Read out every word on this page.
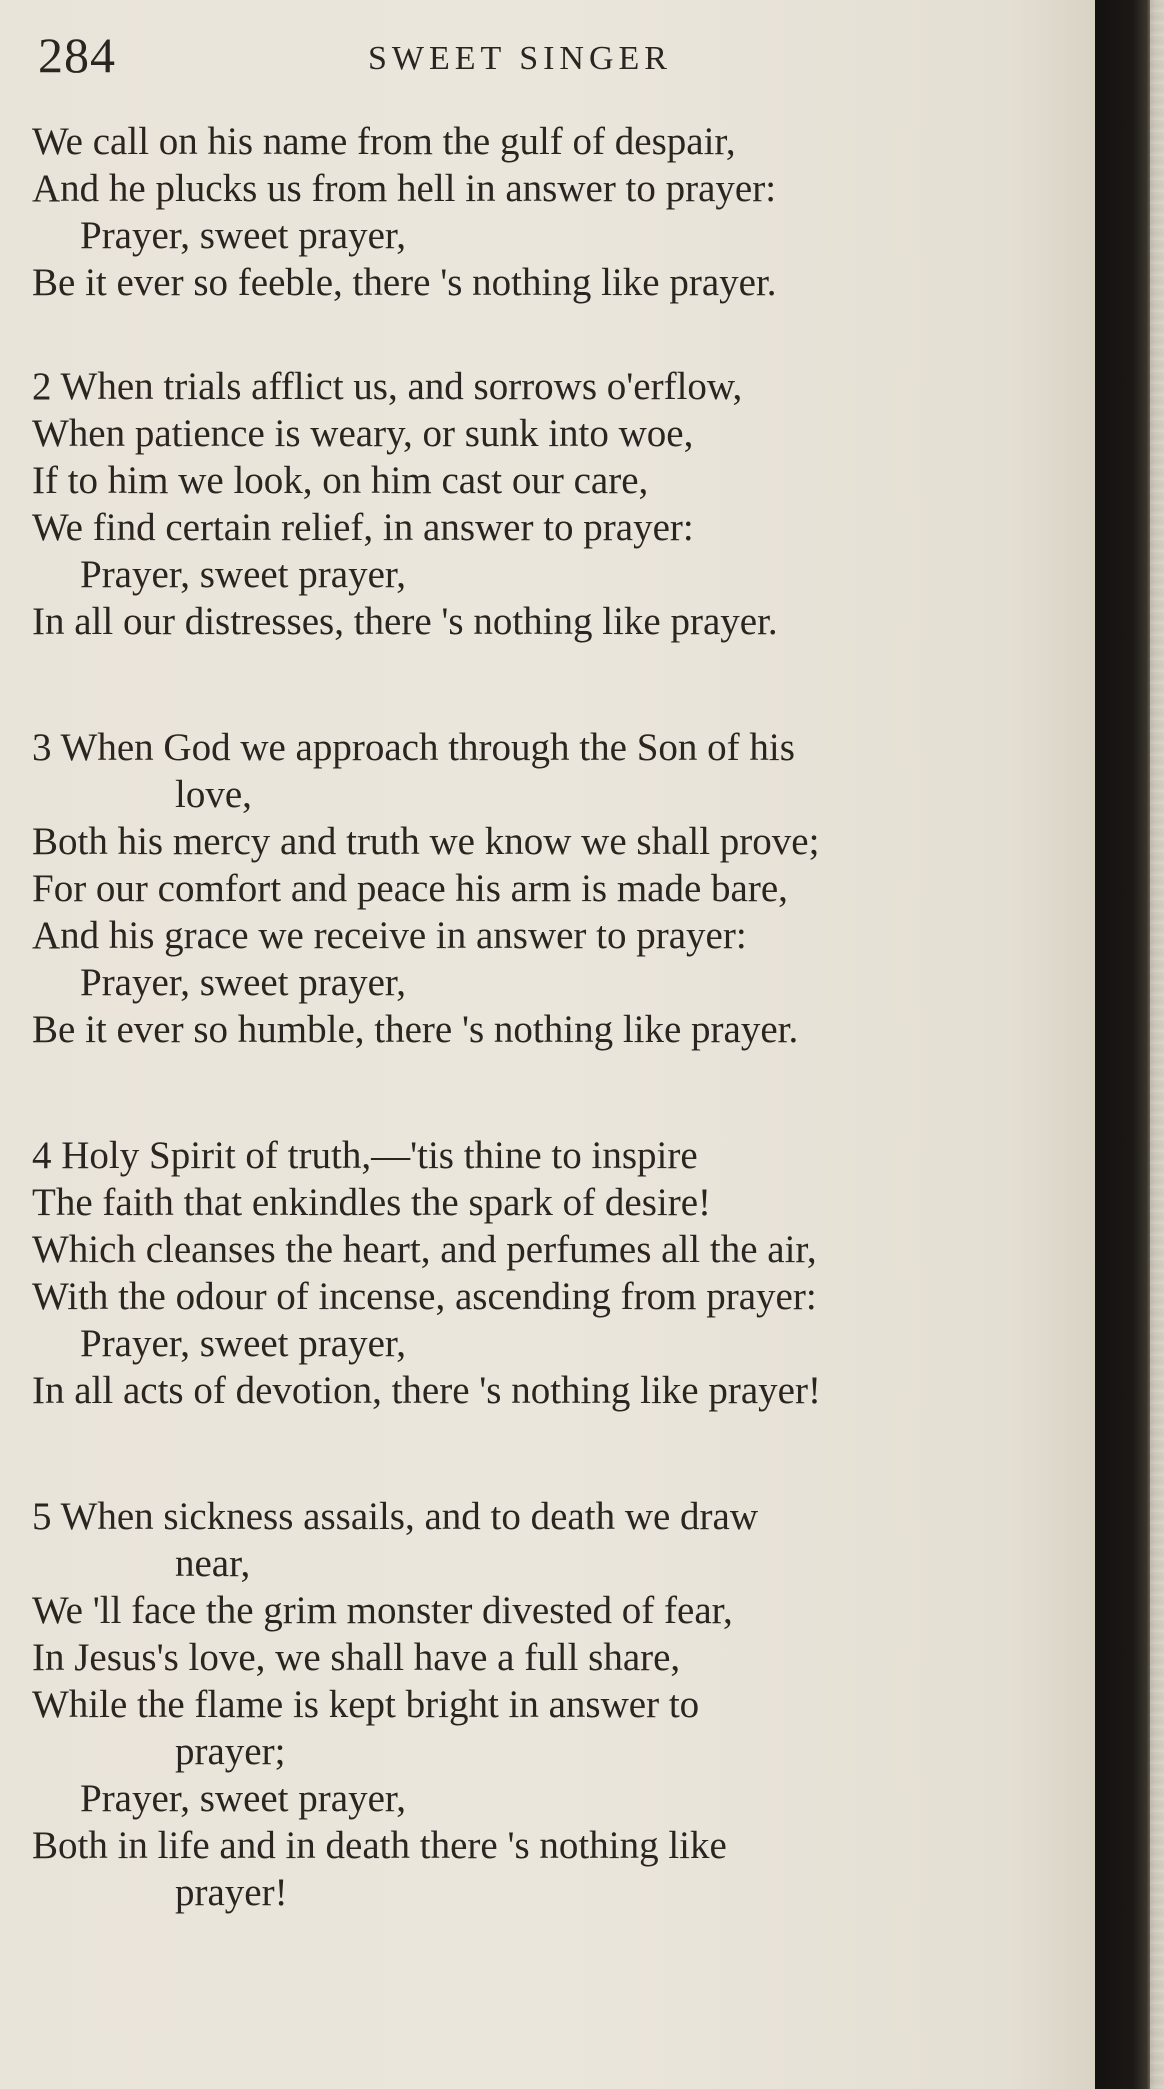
284	SWEET SINGER
We call on his name from the gulf of despair,
And he plucks us from hell in answer to prayer:
Prayer, sweet prayer,
Be it ever so feeble, there 's nothing like prayer.
2 When trials afflict us, and sorrows o'erflow,
When patience is weary, or sunk into woe,
If to him we look, on him cast our care,
We find certain relief, in answer to prayer:
Prayer, sweet prayer,
In all our distresses, there 's nothing like prayer.
3 When God we approach through the Son of his
love,
Both his mercy and truth we know we shall prove;
For our comfort and peace his arm is made bare,
And his grace we receive in answer to prayer:
Prayer, sweet prayer,
Be it ever so humble, there 's nothing like prayer.
4 Holy Spirit of truth,—'tis thine to inspire
The faith that enkindles the spark of desire!
Which cleanses the heart, and perfumes all the air,
With the odour of incense, ascending from prayer:
Prayer, sweet prayer,
In all acts of devotion, there 's nothing like prayer!
5 When sickness assails, and to death we draw
near,
We 'll face the grim monster divested of fear,
In Jesus's love, we shall have a full share,
While the flame is kept bright in answer to
prayer;
Prayer, sweet prayer,
Both in life and in death there 's nothing like
prayer!
